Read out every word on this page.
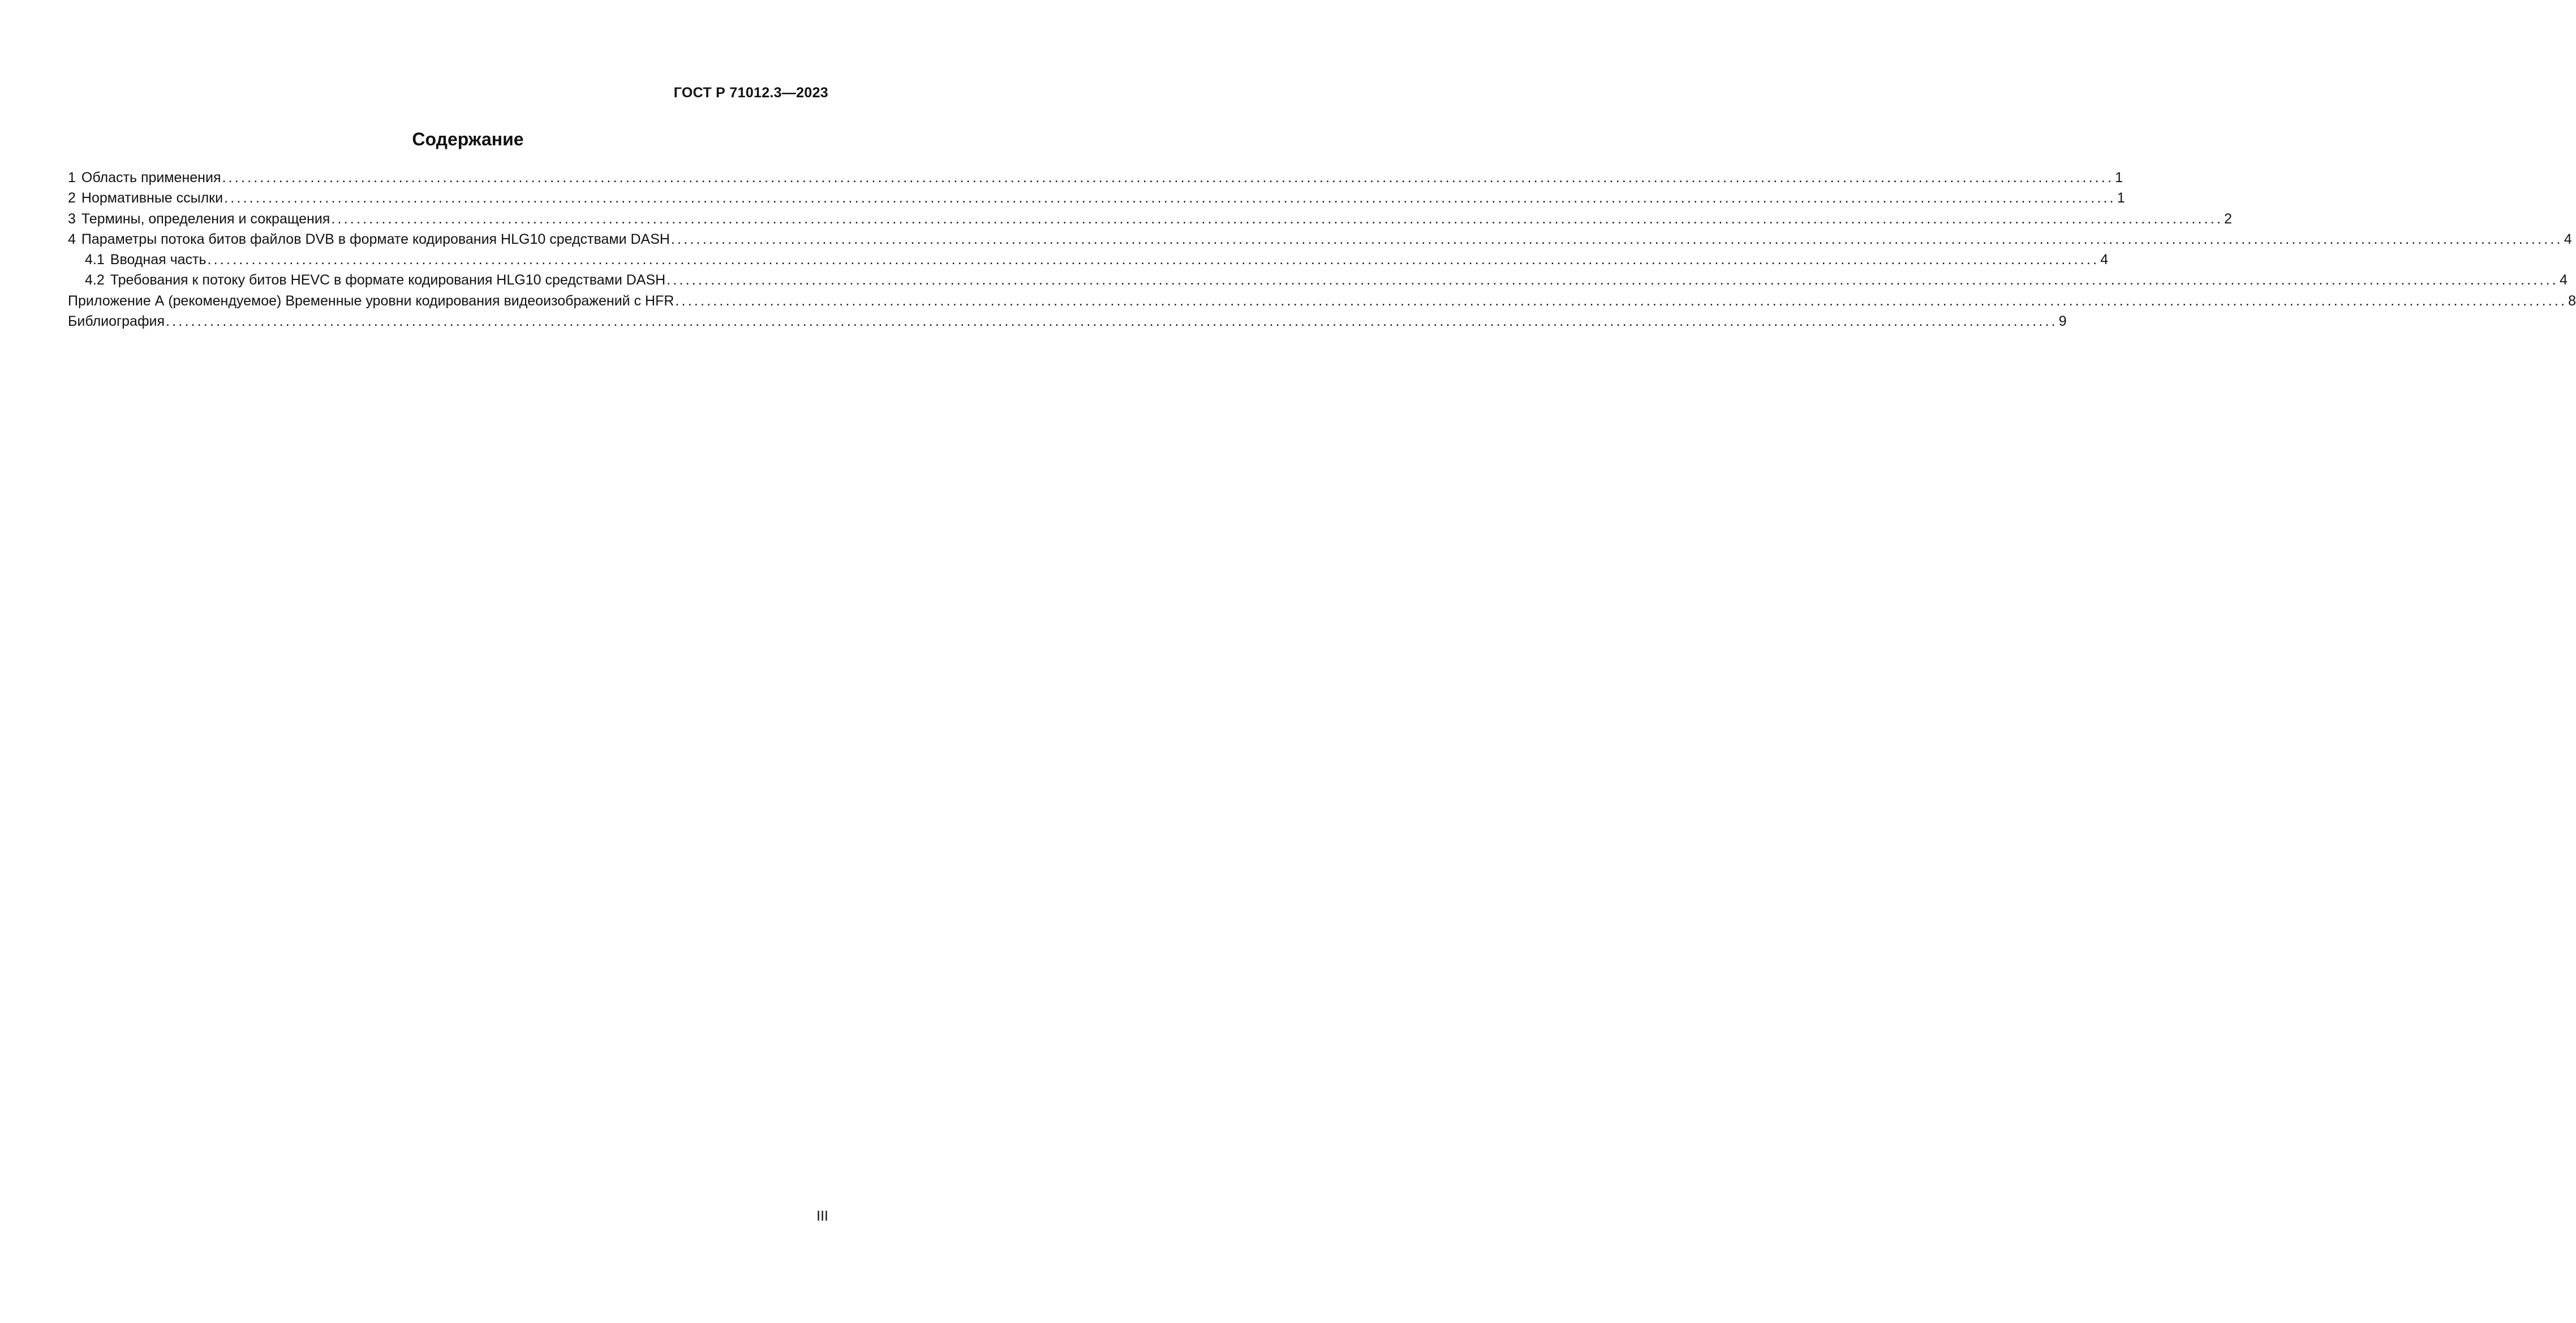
ГОСТ Р 71012.3—2023
Содержание
1 Область применения ............................................................................................................................................................................................................................................................................................................ 1
2 Нормативные ссылки ............................................................................................................................................................................................................................................................................................................ 1
3 Термины, определения и сокращения ............................................................................................................................................................................................................................................................................................................ 2
4 Параметры потока битов файлов DVB в формате кодирования HLG10 средствами DASH ............................................................................................................................................................................................................................................................................................................ 4
4.1 Вводная часть ............................................................................................................................................................................................................................................................................................................ 4
4.2 Требования к потоку битов HEVC в формате кодирования HLG10 средствами DASH ............................................................................................................................................................................................................................................................................................................ 4
Приложение А (рекомендуемое) Временные уровни кодирования видеоизображений с HFR ............................................................................................................................................................................................................................................................................................................ 8
Библиография ............................................................................................................................................................................................................................................................................................................ 9
III
